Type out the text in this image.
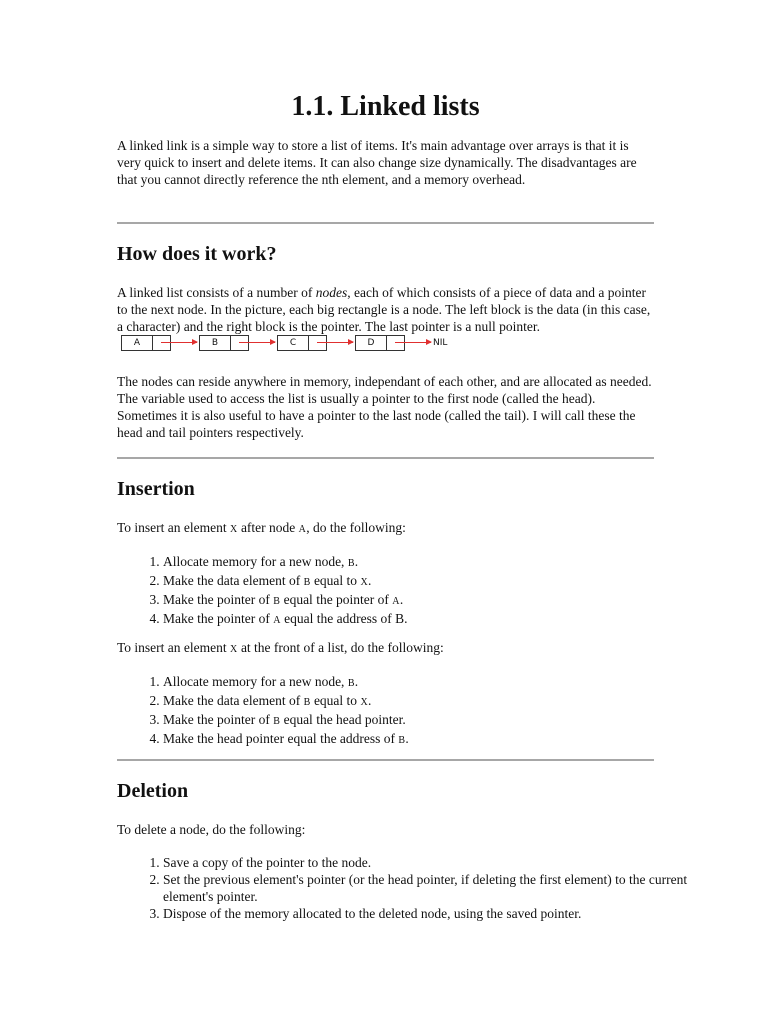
1.1. Linked lists

A linked link is a simple way to store a list of items. It's main advantage over arrays is that it is very quick to insert and delete items. It can also change size dynamically. The disadvantages are that you cannot directly reference the nth element, and a memory overhead.

How does it work?

A linked list consists of a number of nodes, each of which consists of a piece of data and a pointer to the next node. In the picture, each big rectangle is a node. The left block is the data (in this case, a character) and the right block is the pointer. The last pointer is a null pointer.
A	B	C	D	NIL

The nodes can reside anywhere in memory, independant of each other, and are allocated as needed. The variable used to access the list is usually a pointer to the first node (called the head). Sometimes it is also useful to have a pointer to the last node (called the tail). I will call these the head and tail pointers respectively.

Insertion

To insert an element X after node A, do the following:

1. Allocate memory for a new node, B.
2. Make the data element of B equal to X.
3. Make the pointer of B equal the pointer of A.
4. Make the pointer of A equal the address of B.

To insert an element X at the front of a list, do the following:

1. Allocate memory for a new node, B.
2. Make the data element of B equal to X.
3. Make the pointer of B equal the head pointer.
4. Make the head pointer equal the address of B.
Deletion

To delete a node, do the following:

1. Save a copy of the pointer to the node.
2. Set the previous element's pointer (or the head pointer, if deleting the first element) to the current element's pointer.
3. Dispose of the memory allocated to the deleted node, using the saved pointer.
